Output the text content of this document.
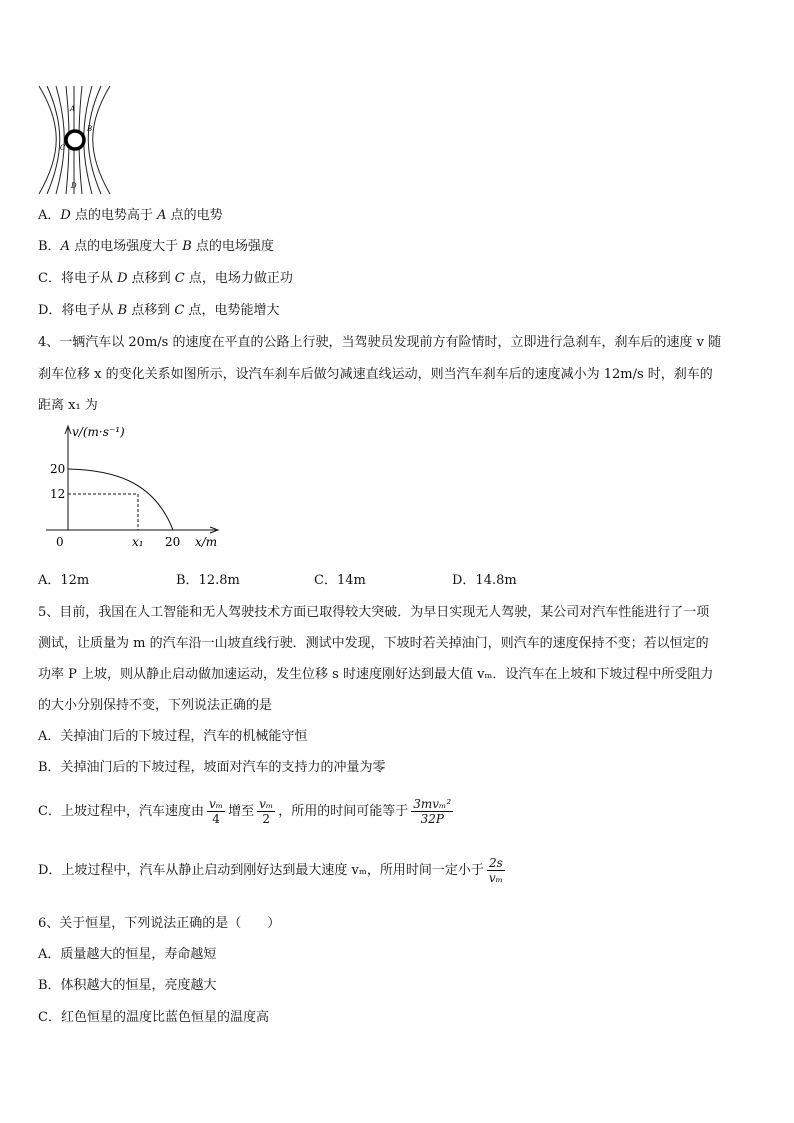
A
B
C
D
A．D 点的电势高于 A 点的电势
B．A 点的电场强度大于 B 点的电场强度
C．将电子从 D 点移到 C 点，电场力做正功
D．将电子从 B 点移到 C 点，电势能增大
4、一辆汽车以 20m/s 的速度在平直的公路上行驶，当驾驶员发现前方有险情时，立即进行急刹车，刹车后的速度 v 随
刹车位移 x 的变化关系如图所示，设汽车刹车后做匀减速直线运动，则当汽车刹车后的速度减小为 12m/s 时，刹车的
距离 x₁ 为
v/(m·s⁻¹)
20
12
0	x₁ 20 x/m
A．12m	B．12.8m	C．14m	D．14.8m
5、目前，我国在人工智能和无人驾驶技术方面已取得较大突破．为早日实现无人驾驶，某公司对汽车性能进行了一项
测试，让质量为 m 的汽车沿一山坡直线行驶．测试中发现，下坡时若关掉油门，则汽车的速度保持不变；若以恒定的
功率 P 上坡，则从静止启动做加速运动，发生位移 s 时速度刚好达到最大值 vₘ．设汽车在上坡和下坡过程中所受阻力
的大小分别保持不变，下列说法正确的是
A．关掉油门后的下坡过程，汽车的机械能守恒
B．关掉油门后的下坡过程，坡面对汽车的支持力的冲量为零
C．上坡过程中，汽车速度由 $\frac{\text{vₘ}}{4}$ 增至 $\frac{\text{vₘ}}{2}$ ，所用的时间可能等于 $\frac{\text{3mvₘ²}}{32P}$
D．上坡过程中，汽车从静止启动到刚好达到最大速度 vₘ，所用时间一定小于 $\frac{2s}{\text{vₘ}}$
6、关于恒星，下列说法正确的是（　　）
A．质量越大的恒星，寿命越短
B．体积越大的恒星，亮度越大
C．红色恒星的温度比蓝色恒星的温度高
